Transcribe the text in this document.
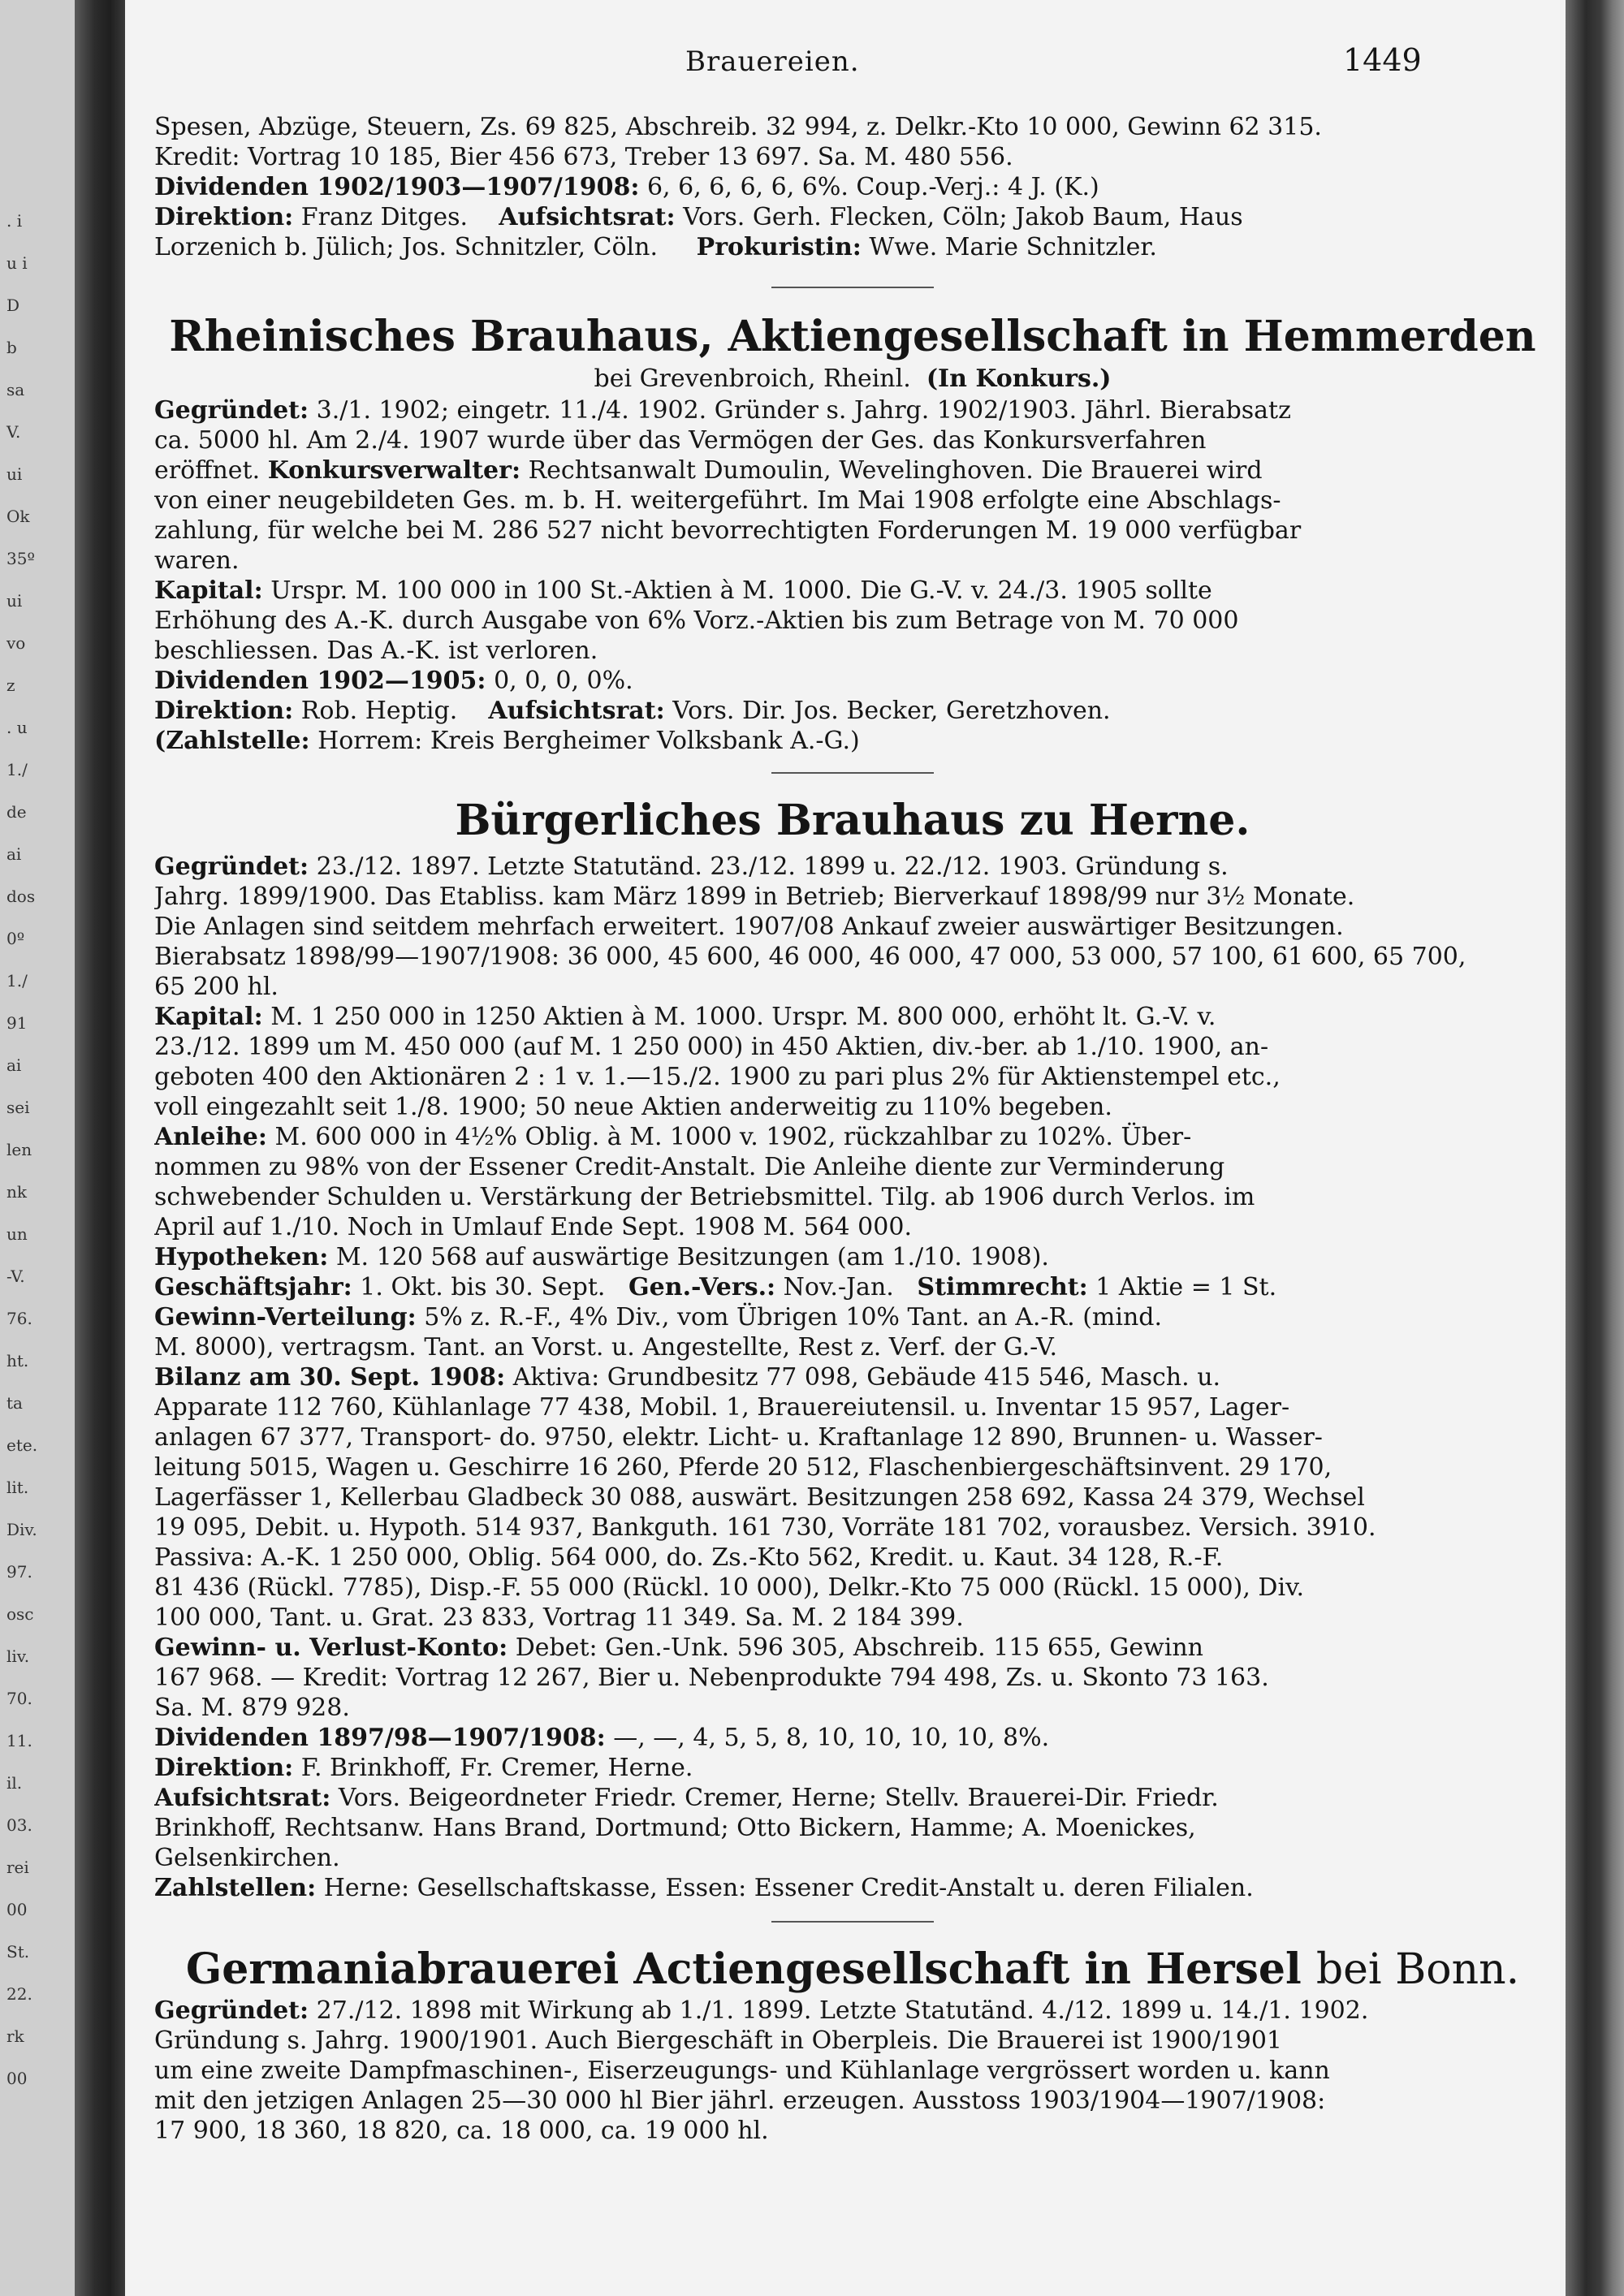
. i
u i
D
b
sa
V.
ui
Ok
35º
ui
vo
z
. u
1./
de
ai
dos
0º
1./
91
ai
sei
len
nk
un
-V.
76.
ht.
ta
ete.
lit.
Div.
97.
osc
liv.
70.
11.
il.
03.
rei
00
St.
22.
rk
00
Brauereien.	1449

Spesen, Abzüge, Steuern, Zs. 69 825, Abschreib. 32 994, z. Delkr.-Kto 10 000, Gewinn 62 315.

Kredit: Vortrag 10 185, Bier 456 673, Treber 13 697. Sa. M. 480 556.

Dividenden 1902/1903—1907/1908: 6, 6, 6, 6, 6, 6%. Coup.-Verj.: 4 J. (K.)

Direktion: Franz Ditges. Aufsichtsrat: Vors. Gerh. Flecken, Cöln; Jakob Baum, Haus

Lorzenich b. Jülich; Jos. Schnitzler, Cöln. Prokuristin: Wwe. Marie Schnitzler.

Rheinisches Brauhaus, Aktiengesellschaft in Hemmerden

bei Grevenbroich, Rheinl. (In Konkurs.)

Gegründet: 3./1. 1902; eingetr. 11./4. 1902. Gründer s. Jahrg. 1902/1903. Jährl. Bierabsatz

ca. 5000 hl. Am 2./4. 1907 wurde über das Vermögen der Ges. das Konkursverfahren

eröffnet. Konkursverwalter: Rechtsanwalt Dumoulin, Wevelinghoven. Die Brauerei wird

von einer neugebildeten Ges. m. b. H. weitergeführt. Im Mai 1908 erfolgte eine Abschlags-

zahlung, für welche bei M. 286 527 nicht bevorrechtigten Forderungen M. 19 000 verfügbar

waren.

Kapital: Urspr. M. 100 000 in 100 St.-Aktien à M. 1000. Die G.-V. v. 24./3. 1905 sollte

Erhöhung des A.-K. durch Ausgabe von 6% Vorz.-Aktien bis zum Betrage von M. 70 000

beschliessen. Das A.-K. ist verloren.

Dividenden 1902—1905: 0, 0, 0, 0%.

Direktion: Rob. Heptig. Aufsichtsrat: Vors. Dir. Jos. Becker, Geretzhoven.

(Zahlstelle: Horrem: Kreis Bergheimer Volksbank A.-G.)

Bürgerliches Brauhaus zu Herne.

Gegründet: 23./12. 1897. Letzte Statutänd. 23./12. 1899 u. 22./12. 1903. Gründung s.

Jahrg. 1899/1900. Das Etabliss. kam März 1899 in Betrieb; Bierverkauf 1898/99 nur 3½ Monate.

Die Anlagen sind seitdem mehrfach erweitert. 1907/08 Ankauf zweier auswärtiger Besitzungen.

Bierabsatz 1898/99—1907/1908: 36 000, 45 600, 46 000, 46 000, 47 000, 53 000, 57 100, 61 600, 65 700,

65 200 hl.

Kapital: M. 1 250 000 in 1250 Aktien à M. 1000. Urspr. M. 800 000, erhöht lt. G.-V. v.

23./12. 1899 um M. 450 000 (auf M. 1 250 000) in 450 Aktien, div.-ber. ab 1./10. 1900, an-

geboten 400 den Aktionären 2 : 1 v. 1.—15./2. 1900 zu pari plus 2% für Aktienstempel etc.,

voll eingezahlt seit 1./8. 1900; 50 neue Aktien anderweitig zu 110% begeben.

Anleihe: M. 600 000 in 4½% Oblig. à M. 1000 v. 1902, rückzahlbar zu 102%. Über-

nommen zu 98% von der Essener Credit-Anstalt. Die Anleihe diente zur Verminderung

schwebender Schulden u. Verstärkung der Betriebsmittel. Tilg. ab 1906 durch Verlos. im

April auf 1./10. Noch in Umlauf Ende Sept. 1908 M. 564 000.

Hypotheken: M. 120 568 auf auswärtige Besitzungen (am 1./10. 1908).

Geschäftsjahr: 1. Okt. bis 30. Sept. Gen.-Vers.: Nov.-Jan. Stimmrecht: 1 Aktie = 1 St.

Gewinn-Verteilung: 5% z. R.-F., 4% Div., vom Übrigen 10% Tant. an A.-R. (mind.

M. 8000), vertragsm. Tant. an Vorst. u. Angestellte, Rest z. Verf. der G.-V.

Bilanz am 30. Sept. 1908: Aktiva: Grundbesitz 77 098, Gebäude 415 546, Masch. u.

Apparate 112 760, Kühlanlage 77 438, Mobil. 1, Brauereiutensil. u. Inventar 15 957, Lager-

anlagen 67 377, Transport- do. 9750, elektr. Licht- u. Kraftanlage 12 890, Brunnen- u. Wasser-

leitung 5015, Wagen u. Geschirre 16 260, Pferde 20 512, Flaschenbiergeschäftsinvent. 29 170,

Lagerfässer 1, Kellerbau Gladbeck 30 088, auswärt. Besitzungen 258 692, Kassa 24 379, Wechsel

19 095, Debit. u. Hypoth. 514 937, Bankguth. 161 730, Vorräte 181 702, vorausbez. Versich. 3910.

Passiva: A.-K. 1 250 000, Oblig. 564 000, do. Zs.-Kto 562, Kredit. u. Kaut. 34 128, R.-F.

81 436 (Rückl. 7785), Disp.-F. 55 000 (Rückl. 10 000), Delkr.-Kto 75 000 (Rückl. 15 000), Div.

100 000, Tant. u. Grat. 23 833, Vortrag 11 349. Sa. M. 2 184 399.

Gewinn- u. Verlust-Konto: Debet: Gen.-Unk. 596 305, Abschreib. 115 655, Gewinn

167 968. — Kredit: Vortrag 12 267, Bier u. Nebenprodukte 794 498, Zs. u. Skonto 73 163.

Sa. M. 879 928.

Dividenden 1897/98—1907/1908: —, —, 4, 5, 5, 8, 10, 10, 10, 10, 8%.

Direktion: F. Brinkhoff, Fr. Cremer, Herne.

Aufsichtsrat: Vors. Beigeordneter Friedr. Cremer, Herne; Stellv. Brauerei-Dir. Friedr.

Brinkhoff, Rechtsanw. Hans Brand, Dortmund; Otto Bickern, Hamme; A. Moenickes,

Gelsenkirchen.

Zahlstellen: Herne: Gesellschaftskasse, Essen: Essener Credit-Anstalt u. deren Filialen.

Germaniabrauerei Actiengesellschaft in Hersel bei Bonn.

Gegründet: 27./12. 1898 mit Wirkung ab 1./1. 1899. Letzte Statutänd. 4./12. 1899 u. 14./1. 1902.

Gründung s. Jahrg. 1900/1901. Auch Biergeschäft in Oberpleis. Die Brauerei ist 1900/1901

um eine zweite Dampfmaschinen-, Eiserzeugungs- und Kühlanlage vergrössert worden u. kann

mit den jetzigen Anlagen 25—30 000 hl Bier jährl. erzeugen. Ausstoss 1903/1904—1907/1908:

17 900, 18 360, 18 820, ca. 18 000, ca. 19 000 hl.
